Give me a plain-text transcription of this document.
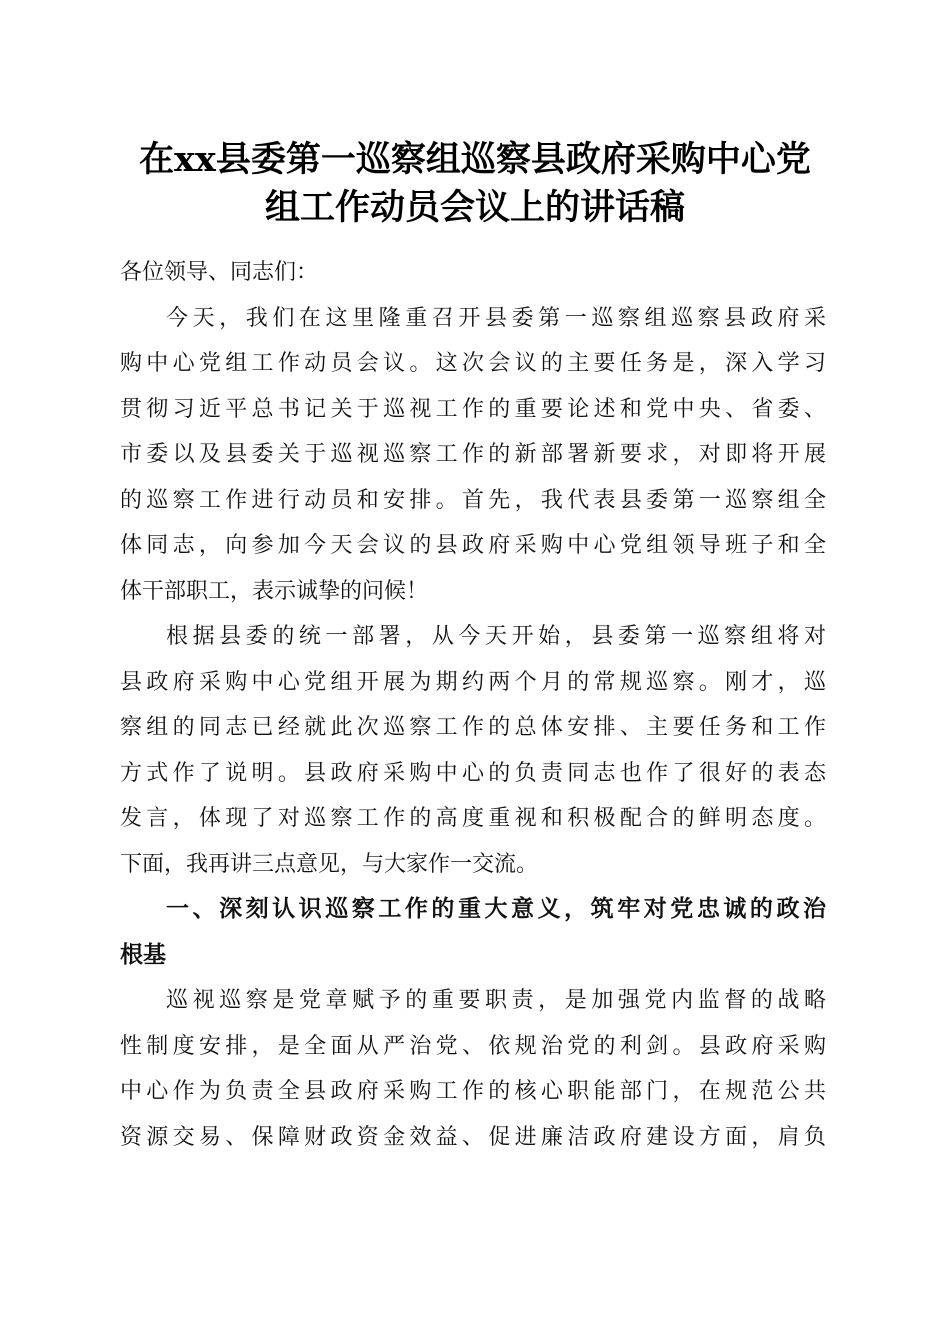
在xx县委第一巡察组巡察县政府采购中心党
组工作动员会议上的讲话稿
各位领导、同志们：
今天，我们在这里隆重召开县委第一巡察组巡察县政府采
购中心党组工作动员会议。这次会议的主要任务是，深入学习
贯彻习近平总书记关于巡视工作的重要论述和党中央、省委、
市委以及县委关于巡视巡察工作的新部署新要求，对即将开展
的巡察工作进行动员和安排。首先，我代表县委第一巡察组全
体同志，向参加今天会议的县政府采购中心党组领导班子和全
体干部职工，表示诚挚的问候！
根据县委的统一部署，从今天开始，县委第一巡察组将对
县政府采购中心党组开展为期约两个月的常规巡察。刚才，巡
察组的同志已经就此次巡察工作的总体安排、主要任务和工作
方式作了说明。县政府采购中心的负责同志也作了很好的表态
发言，体现了对巡察工作的高度重视和积极配合的鲜明态度。
下面，我再讲三点意见，与大家作一交流。
一、深刻认识巡察工作的重大意义，筑牢对党忠诚的政治
根基
巡视巡察是党章赋予的重要职责，是加强党内监督的战略
性制度安排，是全面从严治党、依规治党的利剑。县政府采购
中心作为负责全县政府采购工作的核心职能部门，在规范公共
资源交易、保障财政资金效益、促进廉洁政府建设方面，肩负
